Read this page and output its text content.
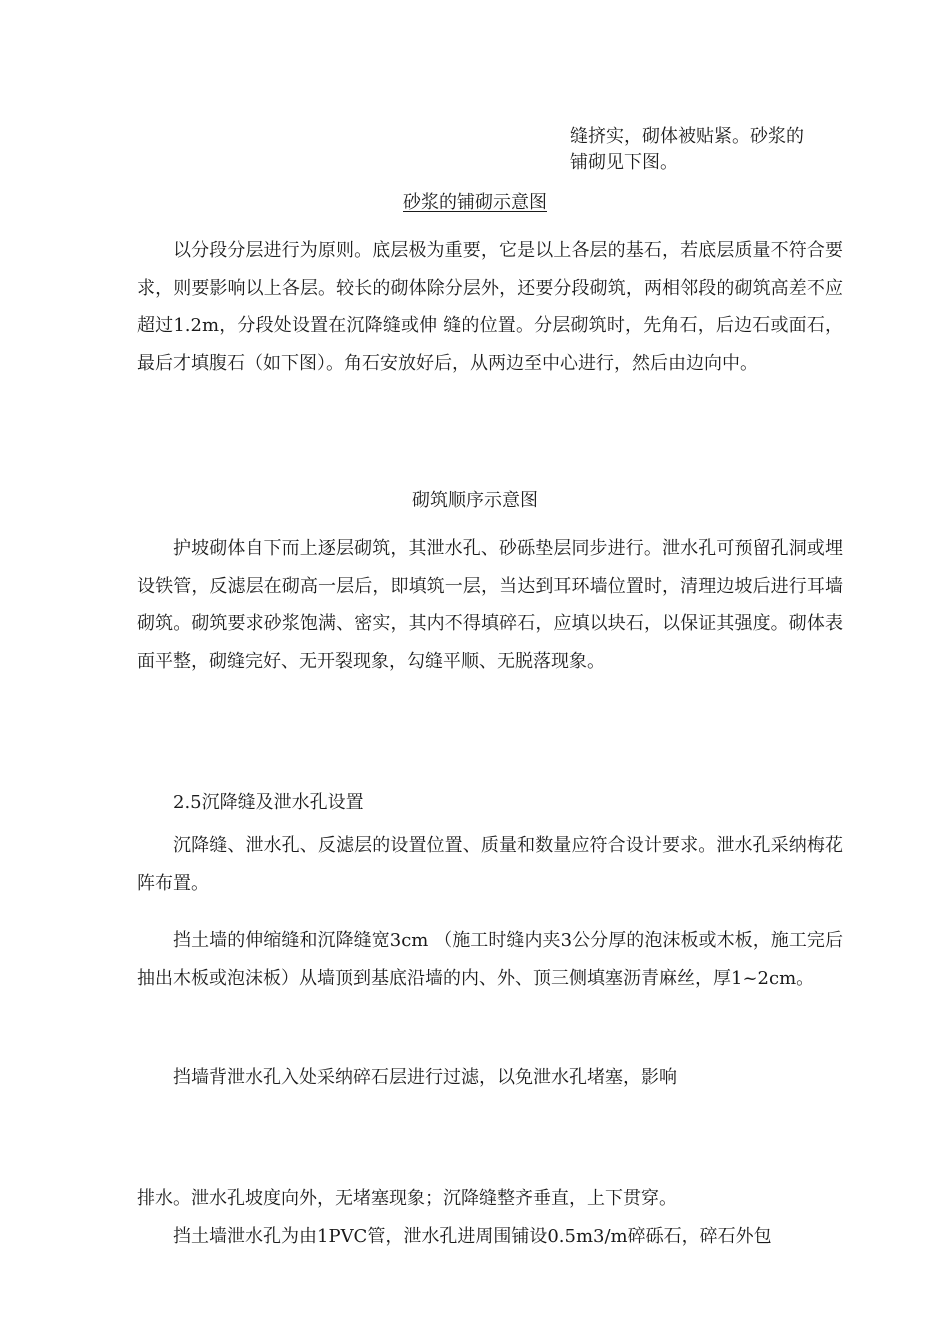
缝挤实，砌体被贴紧。砂浆的
铺砌见下图。
砂浆的铺砌示意图

以分段分层进行为原则。底层极为重要，它是以上各层的基石，若底层质量不符合要求，则要影响以上各层。较长的砌体除分层外，还要分段砌筑，两相邻段的砌筑高差不应超过1.2m，分段处设置在沉降缝或伸 缝的位置。分层砌筑时，先角石，后边石或面石，最后才填腹石（如下图）。角石安放好后，从两边至中心进行，然后由边向中。

砌筑顺序示意图

护坡砌体自下而上逐层砌筑，其泄水孔、砂砾垫层同步进行。泄水孔可预留孔洞或埋设铁管，反滤层在砌高一层后，即填筑一层，当达到耳环墙位置时，清理边坡后进行耳墙砌筑。砌筑要求砂浆饱满、密实，其内不得填碎石，应填以块石，以保证其强度。砌体表面平整，砌缝完好、无开裂现象，勾缝平顺、无脱落现象。

2.5沉降缝及泄水孔设置

沉降缝、泄水孔、反滤层的设置位置、质量和数量应符合设计要求。泄水孔采纳梅花阵布置。

挡土墙的伸缩缝和沉降缝宽3cm （施工时缝内夹3公分厚的泡沫板或木板，施工完后抽出木板或泡沫板）从墙顶到基底沿墙的内、外、顶三侧填塞沥青麻丝，厚1~2cm。

挡墙背泄水孔入处采纳碎石层进行过滤，以免泄水孔堵塞，影响

排水。泄水孔坡度向外，无堵塞现象；沉降缝整齐垂直，上下贯穿。

挡土墙泄水孔为由1PVC管，泄水孔进周围铺设0.5m3/m碎砾石，碎石外包
